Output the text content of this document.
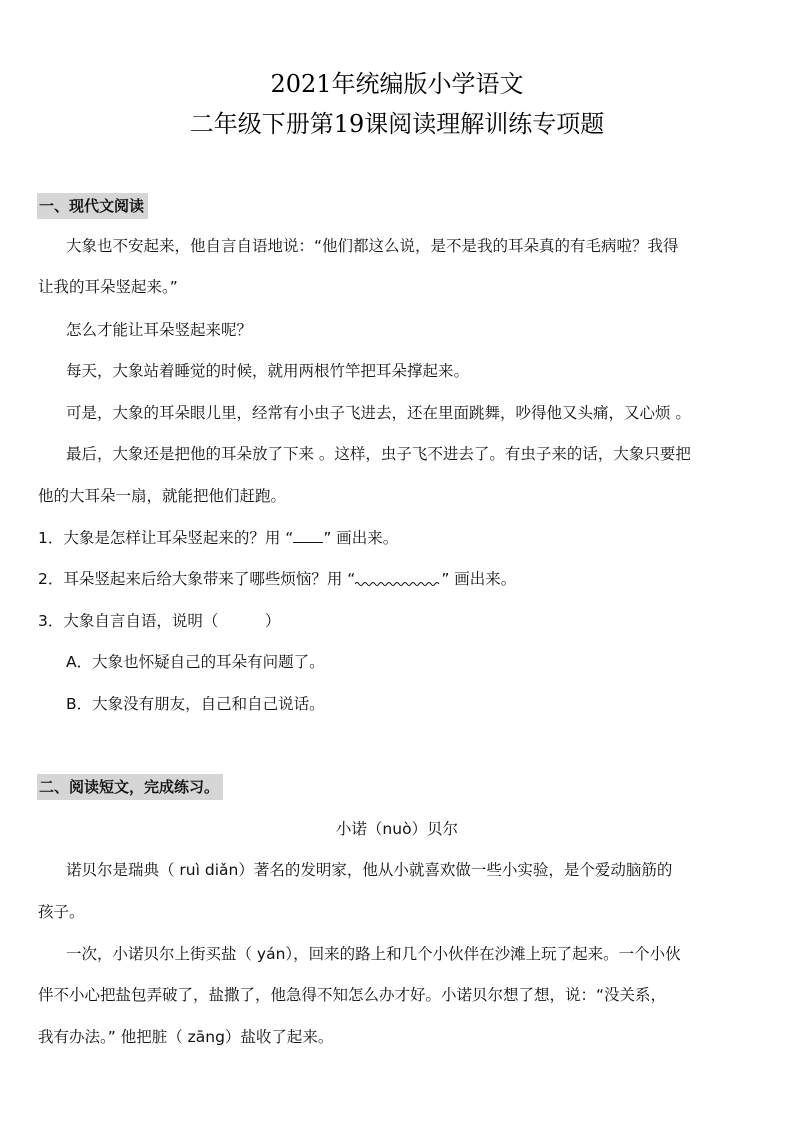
2021年统编版小学语文
二年级下册第19课阅读理解训练专项题
一、现代文阅读
大象也不安起来，他自言自语地说：“他们都这么说，是不是我的耳朵真的有毛病啦？我得
让我的耳朵竖起来。”
怎么才能让耳朵竖起来呢？
每天，大象站着睡觉的时候，就用两根竹竿把耳朵撑起来。
可是，大象的耳朵眼儿里，经常有小虫子飞进去，还在里面跳舞，吵得他又头痛，又心烦 。
最后，大象还是把他的耳朵放了下来 。这样，虫子飞不进去了。有虫子来的话，大象只要把
他的大耳朵一扇，就能把他们赶跑。
1．大象是怎样让耳朵竖起来的？用 “ ” 画出来。
2．耳朵竖起来后给大象带来了哪些烦恼？用 “	” 画出来。
3．大象自言自语，说明（　　　）
A．大象也怀疑自己的耳朵有问题了。
B．大象没有朋友，自己和自己说话。
二、阅读短文，完成练习。
小诺（nuò）贝尔
诺贝尔是瑞典（ ruì diǎn）著名的发明家，他从小就喜欢做一些小实验，是个爱动脑筋的
孩子。
一次，小诺贝尔上街买盐（ yán），回来的路上和几个小伙伴在沙滩上玩了起来。一个小伙
伴不小心把盐包弄破了，盐撒了，他急得不知怎么办才好。小诺贝尔想了想，说：“没关系，
我有办法。” 他把脏（ zāng）盐收了起来。
